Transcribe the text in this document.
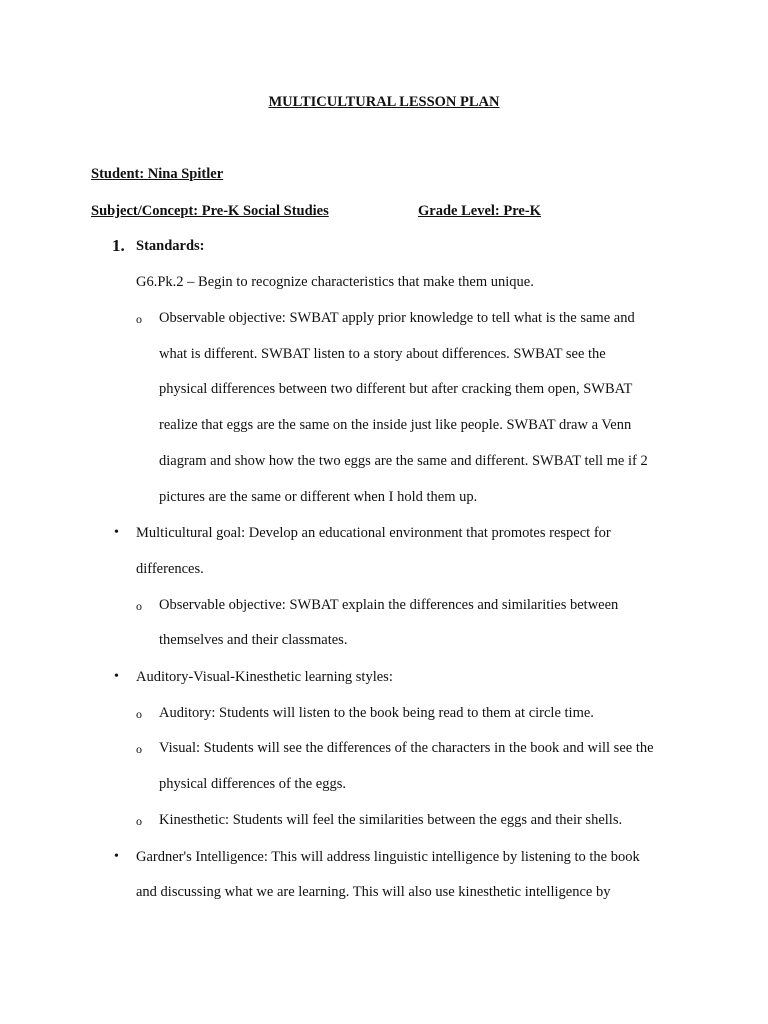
MULTICULTURAL LESSON PLAN
Student: Nina Spitler
Subject/Concept: Pre-K Social Studies	Grade Level: Pre-K
1. Standards:
G6.Pk.2 – Begin to recognize characteristics that make them unique.
o Observable objective: SWBAT apply prior knowledge to tell what is the same and
what is different. SWBAT listen to a story about differences. SWBAT see the
physical differences between two different but after cracking them open, SWBAT
realize that eggs are the same on the inside just like people. SWBAT draw a Venn
diagram and show how the two eggs are the same and different. SWBAT tell me if 2
pictures are the same or different when I hold them up.
• Multicultural goal: Develop an educational environment that promotes respect for
differences.
o Observable objective: SWBAT explain the differences and similarities between
themselves and their classmates.
• Auditory-Visual-Kinesthetic learning styles:
o Auditory: Students will listen to the book being read to them at circle time.
o Visual: Students will see the differences of the characters in the book and will see the
physical differences of the eggs.
o Kinesthetic: Students will feel the similarities between the eggs and their shells.
• Gardner's Intelligence: This will address linguistic intelligence by listening to the book
and discussing what we are learning. This will also use kinesthetic intelligence by
